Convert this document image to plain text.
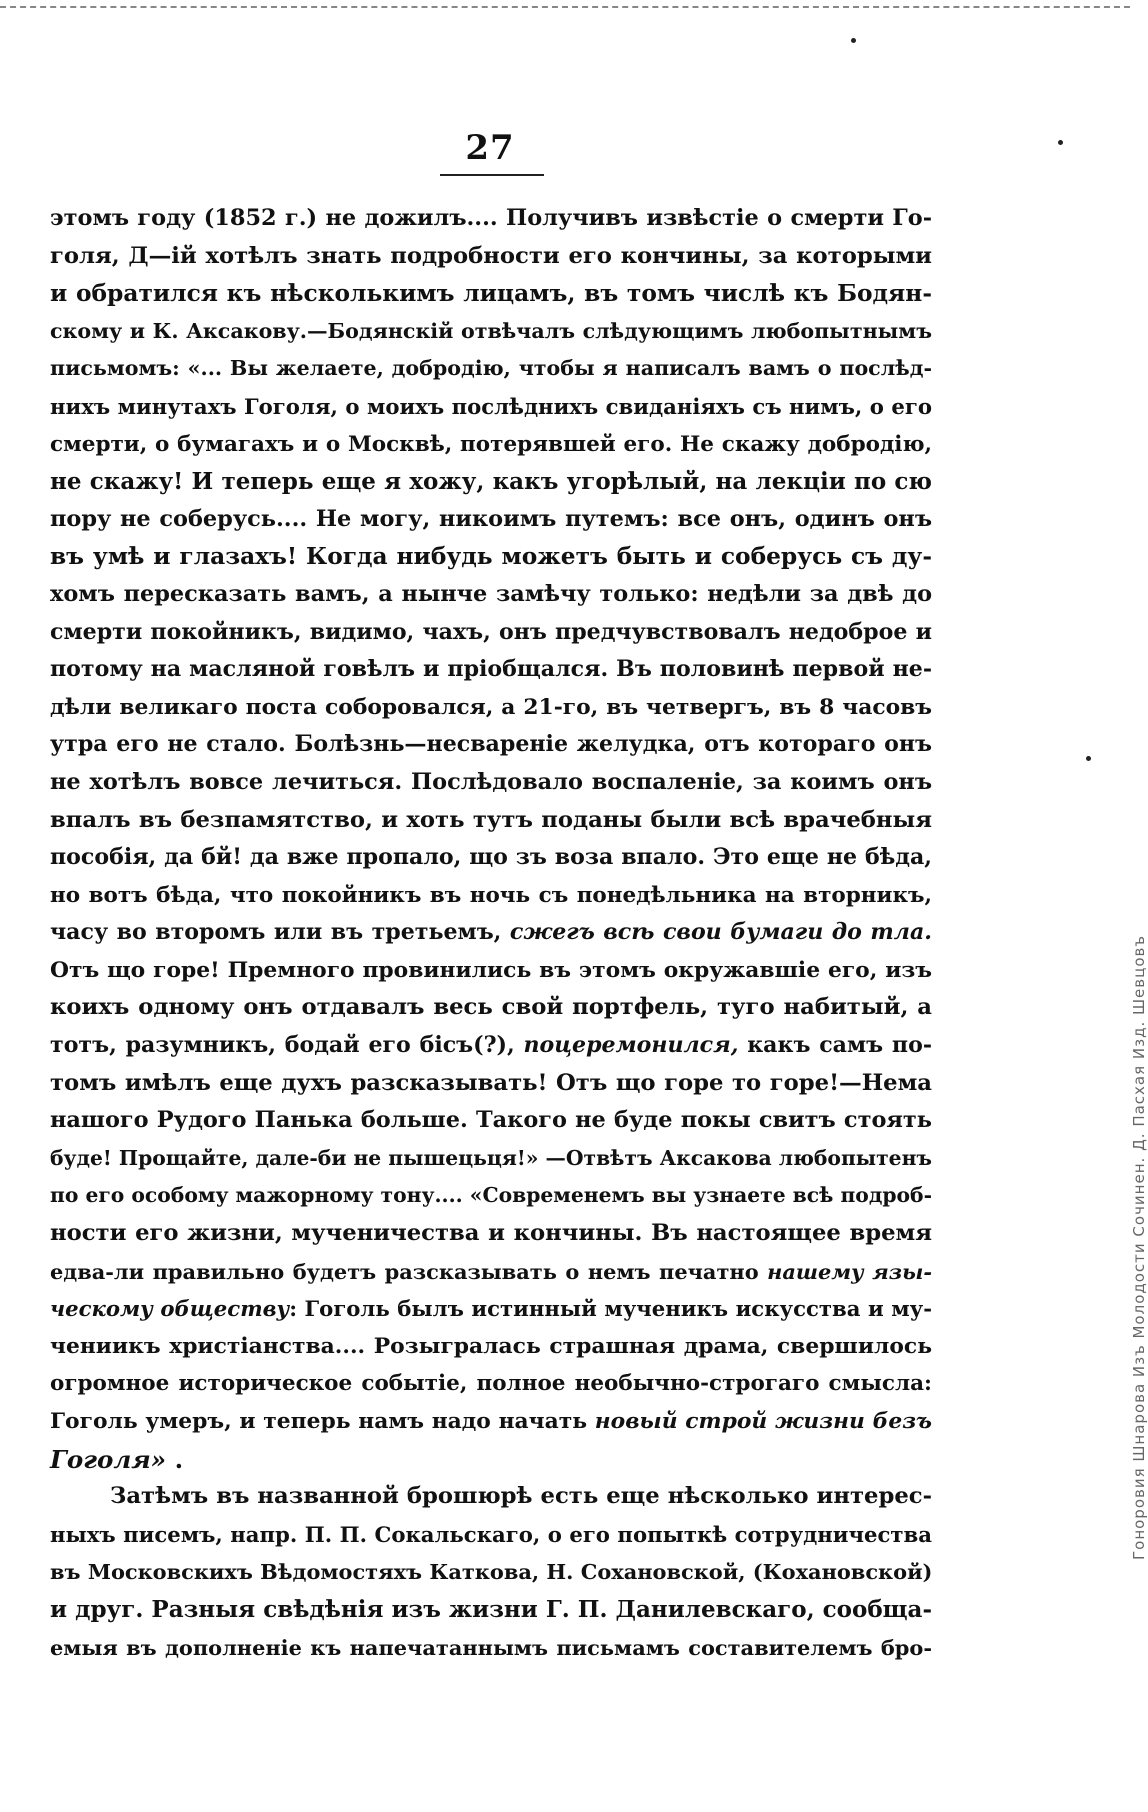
27
этомъ году (1852 г.) не дожилъ.... Получивъ извѣстіе о смерти Го-
голя, Д—ій хотѣлъ знать подробности его кончины, за которыми
и обратился къ нѣсколькимъ лицамъ, въ томъ числѣ къ Бодян-
скому и К. Аксакову.—Бодянскій отвѣчалъ слѣдующимъ любопытнымъ
письмомъ: «... Вы желаете, добродію, чтобы я написалъ вамъ о послѣд-
нихъ минутахъ Гоголя, о моихъ послѣднихъ свиданіяхъ съ нимъ, о его
смерти, о бумагахъ и о Москвѣ, потерявшей его. Не скажу добродію,
не скажу! И теперь еще я хожу, какъ угорѣлый, на лекціи по сю
пору не соберусь.... Не могу, никоимъ путемъ: все онъ, одинъ онъ
въ умѣ и глазахъ! Когда нибудь можетъ быть и соберусь съ ду-
хомъ пересказать вамъ, а нынче замѣчу только: недѣли за двѣ до
смерти покойникъ, видимо, чахъ, онъ предчувствовалъ недоброе и
потому на масляной говѣлъ и пріобщался. Въ половинѣ первой не-
дѣли великаго поста соборовался, а 21-го, въ четвергъ, въ 8 часовъ
утра его не стало. Болѣзнь—несвареніе желудка, отъ котораго онъ
не хотѣлъ вовсе лечиться. Послѣдовало воспаленіе, за коимъ онъ
впалъ въ безпамятство, и хоть тутъ поданы были всѣ врачебныя
пособія, да бй! да вже пропало, що зъ воза впало. Это еще не бѣда,
но вотъ бѣда, что покойникъ въ ночь съ понедѣльника на вторникъ,
часу во второмъ или въ третьемъ, сжегъ всѣ свои бумаги до тла.
Отъ що горе! Премного провинились въ этомъ окружавшіе его, изъ
коихъ одному онъ отдавалъ весь свой портфель, туго набитый, а
тотъ, разумникъ, бодай его бісъ(?), поцеремонился, какъ самъ по-
томъ имѣлъ еще духъ разсказывать! Отъ що горе то горе!—Нема
нашого Рудого Панька больше. Такого не буде покы свитъ стоять
буде! Прощайте, дале-би не пышецьця!» —Отвѣтъ Аксакова любопытенъ
по его особому мажорному тону.... «Современемъ вы узнаете всѣ подроб-
ности его жизни, мученичества и кончины. Въ настоящее время
едва-ли правильно будетъ разсказывать о немъ печатно нашему язы-
ческому обществу: Гоголь былъ истинный мученикъ искусства и му-
чениикъ христіанства.... Розыгралась страшная драма, свершилось
огромное историческое событіе, полное необычно-строгаго смысла:
Гоголь умеръ, и теперь намъ надо начать новый строй жизни безъ
Гоголя» .
Затѣмъ въ названной брошюрѣ есть еще нѣсколько интерес-
ныхъ писемъ, напр. П. П. Сокальскаго, о его попыткѣ сотрудничества
въ Московскихъ Вѣдомостяхъ Каткова, Н. Сохановской, (Кохановской)
и друг. Разныя свѣдѣнія изъ жизни Г. П. Данилевскаго, сообща-
емыя въ дополненіе къ напечатаннымъ письмамъ составителемъ бро-
Гоноровия Шнарова Изъ Молодости Сочинен. Д. Пасхая Изд. Шевцовъ
